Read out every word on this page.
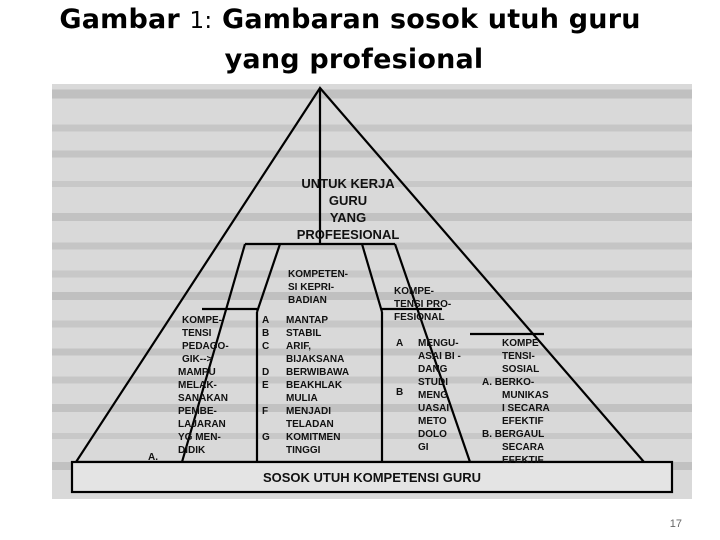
Gambar 1: Gambaran sosok utuh guru
yang profesional
UNTUK KERJA
GURU
YANG
PROFEESIONAL
KOMPETEN-
SI KEPRI-
BADIAN
KOMPE-
TENSI PRO-
FESIONAL
KOMPE-
TENSI
PEDAGO-
GIK-->
MAMPU
MELAK-
SANAKAN
PEMBE-
LAJARAN
YG MEN-
DIDIK
A.
A
B
C
D
E
F
G
MANTAP
STABIL
ARIF,
BIJAKSANA
BERWIBAWA
BEAKHLAK
MULIA
MENJADI
TELADAN
KOMITMEN
TINGGI
A
B
MENGU-
ASAI BI -
DANG
STUDI
MENG
UASAI
METO
DOLO
GI
KOMPE
TENSI-
SOSIAL
A. BERKO-
MUNIKAS
I SECARA
EFEKTIF
B. BERGAUL
SECARA
EFEKTIF
SOSOK UTUH KOMPETENSI GURU
17
